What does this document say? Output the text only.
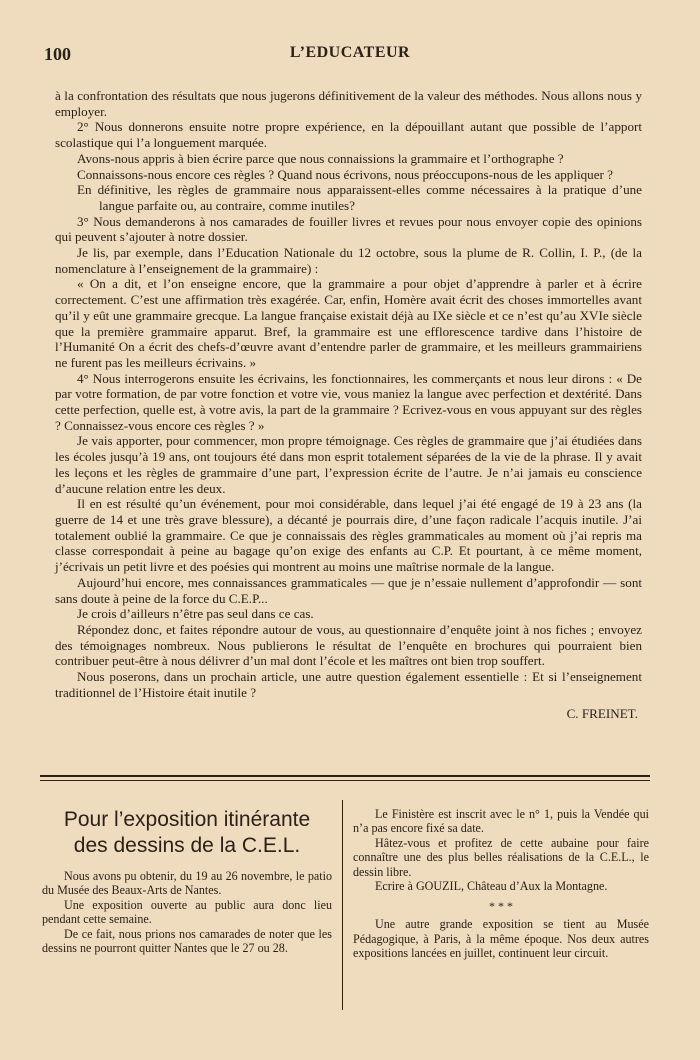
100	L’EDUCATEUR

à la confrontation des résultats que nous jugerons définitivement de la valeur des méthodes. Nous allons nous y employer.

2° Nous donnerons ensuite notre propre expérience, en la dépouillant autant que possible de l’apport scolastique qui l’a longuement marquée.

Avons-nous appris à bien écrire parce que nous connaissions la grammaire et l’orthographe ?

Connaissons-nous encore ces règles ? Quand nous écrivons, nous préoccupons-nous de les appliquer ?

En définitive, les règles de grammaire nous apparaissent-elles comme nécessaires à la pratique d’une langue parfaite ou, au contraire, comme inutiles?

3° Nous demanderons à nos camarades de fouiller livres et revues pour nous envoyer copie des opinions qui peuvent s’ajouter à notre dossier.

Je lis, par exemple, dans l’Education Nationale du 12 octobre, sous la plume de R. Collin, I. P., (de la nomenclature à l’enseignement de la grammaire) :

« On a dit, et l’on enseigne encore, que la grammaire a pour objet d’apprendre à parler et à écrire correctement. C’est une affirmation très exagérée. Car, enfin, Homère avait écrit des choses immortelles avant qu’il y eût une grammaire grecque. La langue française existait déjà au IXe siècle et ce n’est qu’au XVIe siècle que la première grammaire apparut. Bref, la grammaire est une efflorescence tardive dans l’histoire de l’Humanité On a écrit des chefs-d’œuvre avant d’entendre parler de grammaire, et les meilleurs grammairiens ne furent pas les meilleurs écrivains. »

4° Nous interrogerons ensuite les écrivains, les fonctionnaires, les commerçants et nous leur dirons : « De par votre formation, de par votre fonction et votre vie, vous maniez la langue avec perfection et dextérité. Dans cette perfection, quelle est, à votre avis, la part de la grammaire ? Ecrivez-vous en vous appuyant sur des règles ? Connaissez-vous encore ces règles ? »

Je vais apporter, pour commencer, mon propre témoignage. Ces règles de grammaire que j’ai étudiées dans les écoles jusqu’à 19 ans, ont toujours été dans mon esprit totalement séparées de la vie de la phrase. Il y avait les leçons et les règles de grammaire d’une part, l’expression écrite de l’autre. Je n’ai jamais eu conscience d’aucune relation entre les deux.

Il en est résulté qu’un événement, pour moi considérable, dans lequel j’ai été engagé de 19 à 23 ans (la guerre de 14 et une très grave blessure), a décanté je pourrais dire, d’une façon radicale l’acquis inutile. J’ai totalement oublié la grammaire. Ce que je connaissais des règles grammaticales au moment où j’ai repris ma classe correspondait à peine au bagage qu’on exige des enfants au C.P. Et pourtant, à ce même moment, j’écrivais un petit livre et des poésies qui montrent au moins une maîtrise normale de la langue.

Aujourd’hui encore, mes connaissances grammaticales — que je n’essaie nullement d’approfondir — sont sans doute à peine de la force du C.E.P...

Je crois d’ailleurs n’être pas seul dans ce cas.

Répondez donc, et faites répondre autour de vous, au questionnaire d’enquête joint à nos fiches ; envoyez des témoignages nombreux. Nous publierons le résultat de l’enquête en brochures qui pourraient bien contribuer peut-être à nous délivrer d’un mal dont l’école et les maîtres ont bien trop souffert.

Nous poserons, dans un prochain article, une autre question également essentielle : Et si l’enseignement traditionnel de l’Histoire était inutile ?

C. FREINET.

Pour l’exposition itinérante
des dessins de la C.E.L.

Nous avons pu obtenir, du 19 au 26 novembre, le patio du Musée des Beaux-Arts de Nantes.

Une exposition ouverte au public aura donc lieu pendant cette semaine.

De ce fait, nous prions nos camarades de noter que les dessins ne pourront quitter Nantes que le 27 ou 28.

Le Finistère est inscrit avec le n° 1, puis la Vendée qui n’a pas encore fixé sa date.

Hâtez-vous et profitez de cette aubaine pour faire connaître une des plus belles réalisations de la C.E.L., le dessin libre.

Ecrire à GOUZIL, Château d’Aux la Montagne.

* * *

Une autre grande exposition se tient au Musée Pédagogique, à Paris, à la même époque. Nos deux autres expositions lancées en juillet, continuent leur circuit.
